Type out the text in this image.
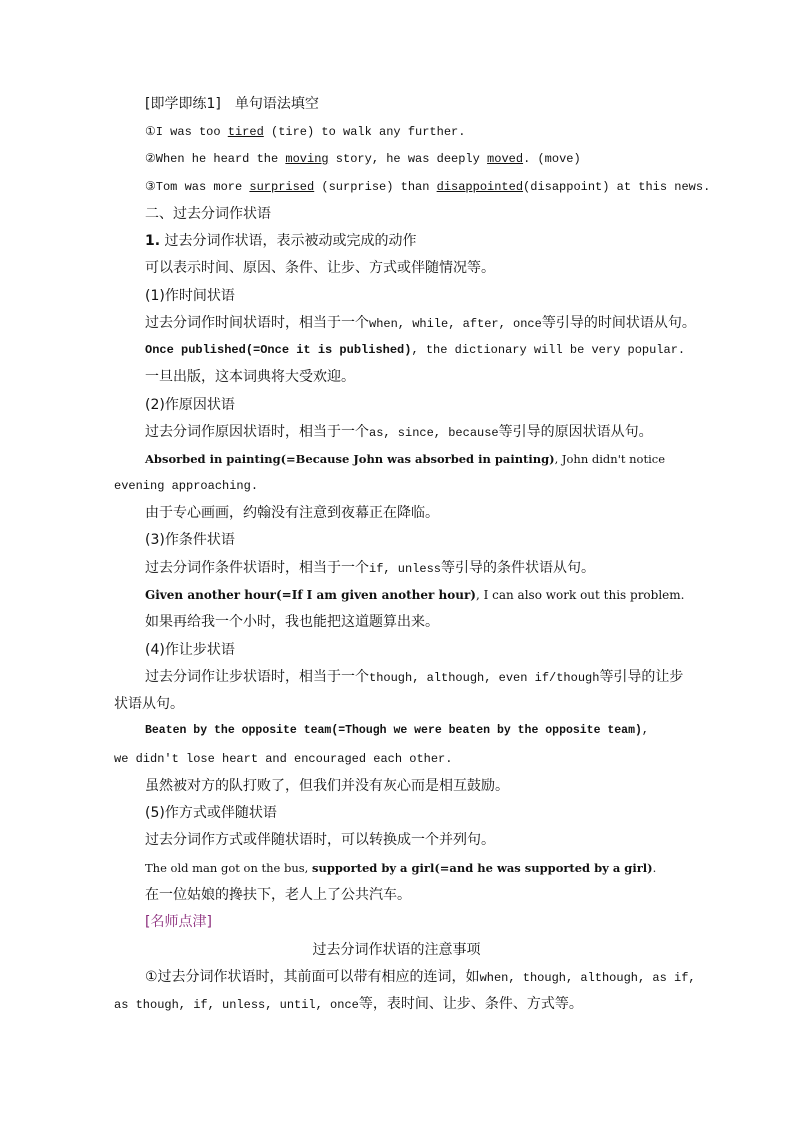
[即学即练1] 单句语法填空
①I was too tired (tire) to walk any further.
②When he heard the moving story, he was deeply moved. (move)
③Tom was more surprised (surprise) than disappointed(disappoint) at this news.
二、过去分词作状语
1. 过去分词作状语，表示被动或完成的动作
可以表示时间、原因、条件、让步、方式或伴随情况等。
(1)作时间状语
过去分词作时间状语时，相当于一个when, while, after, once等引导的时间状语从句。
Once published(=Once it is published), the dictionary will be very popular.
一旦出版，这本词典将大受欢迎。
(2)作原因状语
过去分词作原因状语时，相当于一个as, since, because等引导的原因状语从句。
Absorbed in painting(=Because John was absorbed in painting), John didn't notice
evening approaching.
由于专心画画，约翰没有注意到夜幕正在降临。
(3)作条件状语
过去分词作条件状语时，相当于一个if, unless等引导的条件状语从句。
Given another hour(=If I am given another hour), I can also work out this problem.
如果再给我一个小时，我也能把这道题算出来。
(4)作让步状语
过去分词作让步状语时，相当于一个though, although, even if/though等引导的让步
状语从句。
Beaten by the opposite team(=Though we were beaten by the opposite team),
we didn't lose heart and encouraged each other.
虽然被对方的队打败了，但我们并没有灰心而是相互鼓励。
(5)作方式或伴随状语
过去分词作方式或伴随状语时，可以转换成一个并列句。
The old man got on the bus, supported by a girl(=and he was supported by a girl).
在一位姑娘的搀扶下，老人上了公共汽车。
[名师点津]
过去分词作状语的注意事项
①过去分词作状语时，其前面可以带有相应的连词，如when, though, although, as if,
as though, if, unless, until, once等，表时间、让步、条件、方式等。
